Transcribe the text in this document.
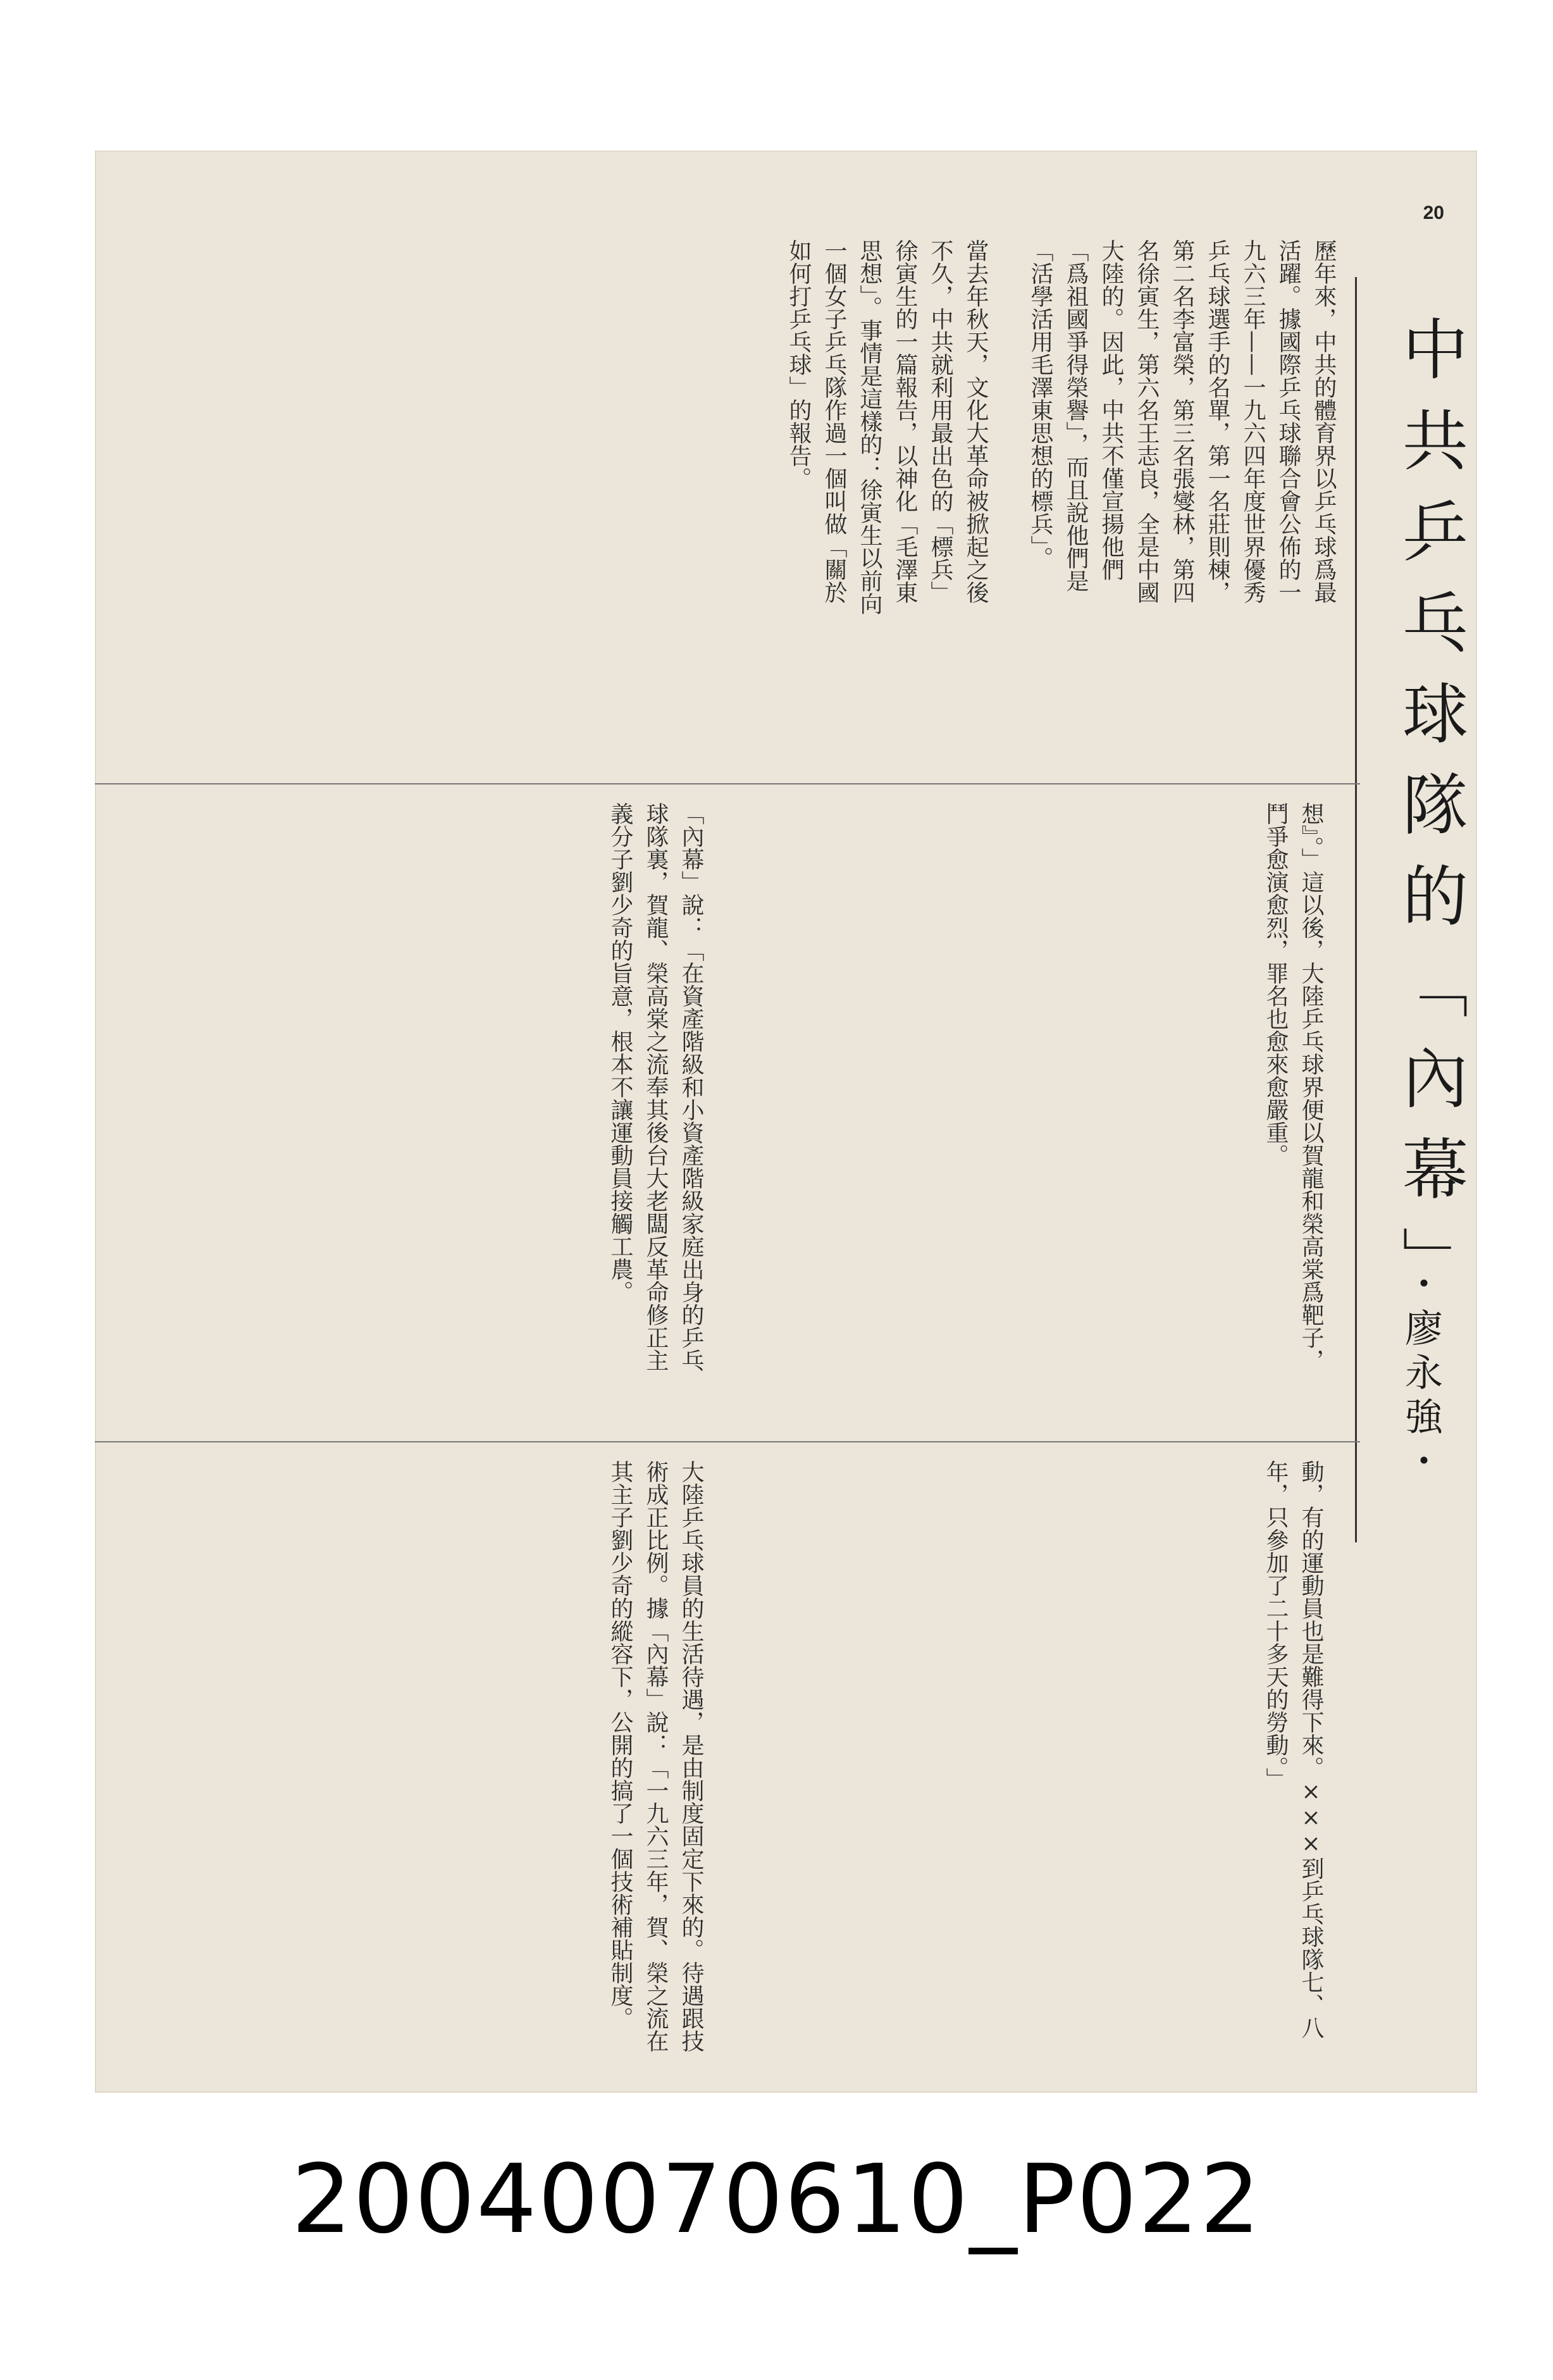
20
中共乒乓球隊的「內幕」
・廖永強・
歷年來，中共的體育界以乒乓球爲最活躍。據國際乒乓球聯合會公佈的一九六三年——一九六四年度世界優秀乒乓球選手的名單，第一名莊則棟，第二名李富榮，第三名張燮林，第四名徐寅生，第六名王志良，全是中國大陸的。因此，中共不僅宣揚他們「爲祖國爭得榮譽」，而且說他們是「活學活用毛澤東思想的標兵」。
當去年秋天，文化大革命被掀起之後不久，中共就利用最出色的「標兵」徐寅生的一篇報告，以神化「毛澤東思想」。事情是這樣的：徐寅生以前向一個女子乒乓隊作過一個叫做「關於如何打乒乓球」的報告。
想』。」這以後，大陸乒乓球界便以賀龍和榮高棠爲靶子，鬥爭愈演愈烈，罪名也愈來愈嚴重。
「內幕」說：「在資產階級和小資產階級家庭出身的乒乓球隊裏，賀龍、榮高棠之流奉其後台大老闆反革命修正主義分子劉少奇的旨意，根本不讓運動員接觸工農。
動，有的運動員也是難得下來。×××到乒乓球隊七、八年，只參加了二十多天的勞動。」
大陸乒乓球員的生活待遇，是由制度固定下來的。待遇跟技術成正比例。據「內幕」說：「一九六三年，賀、榮之流在其主子劉少奇的縱容下，公開的搞了一個技術補貼制度。
20040070610_P022
